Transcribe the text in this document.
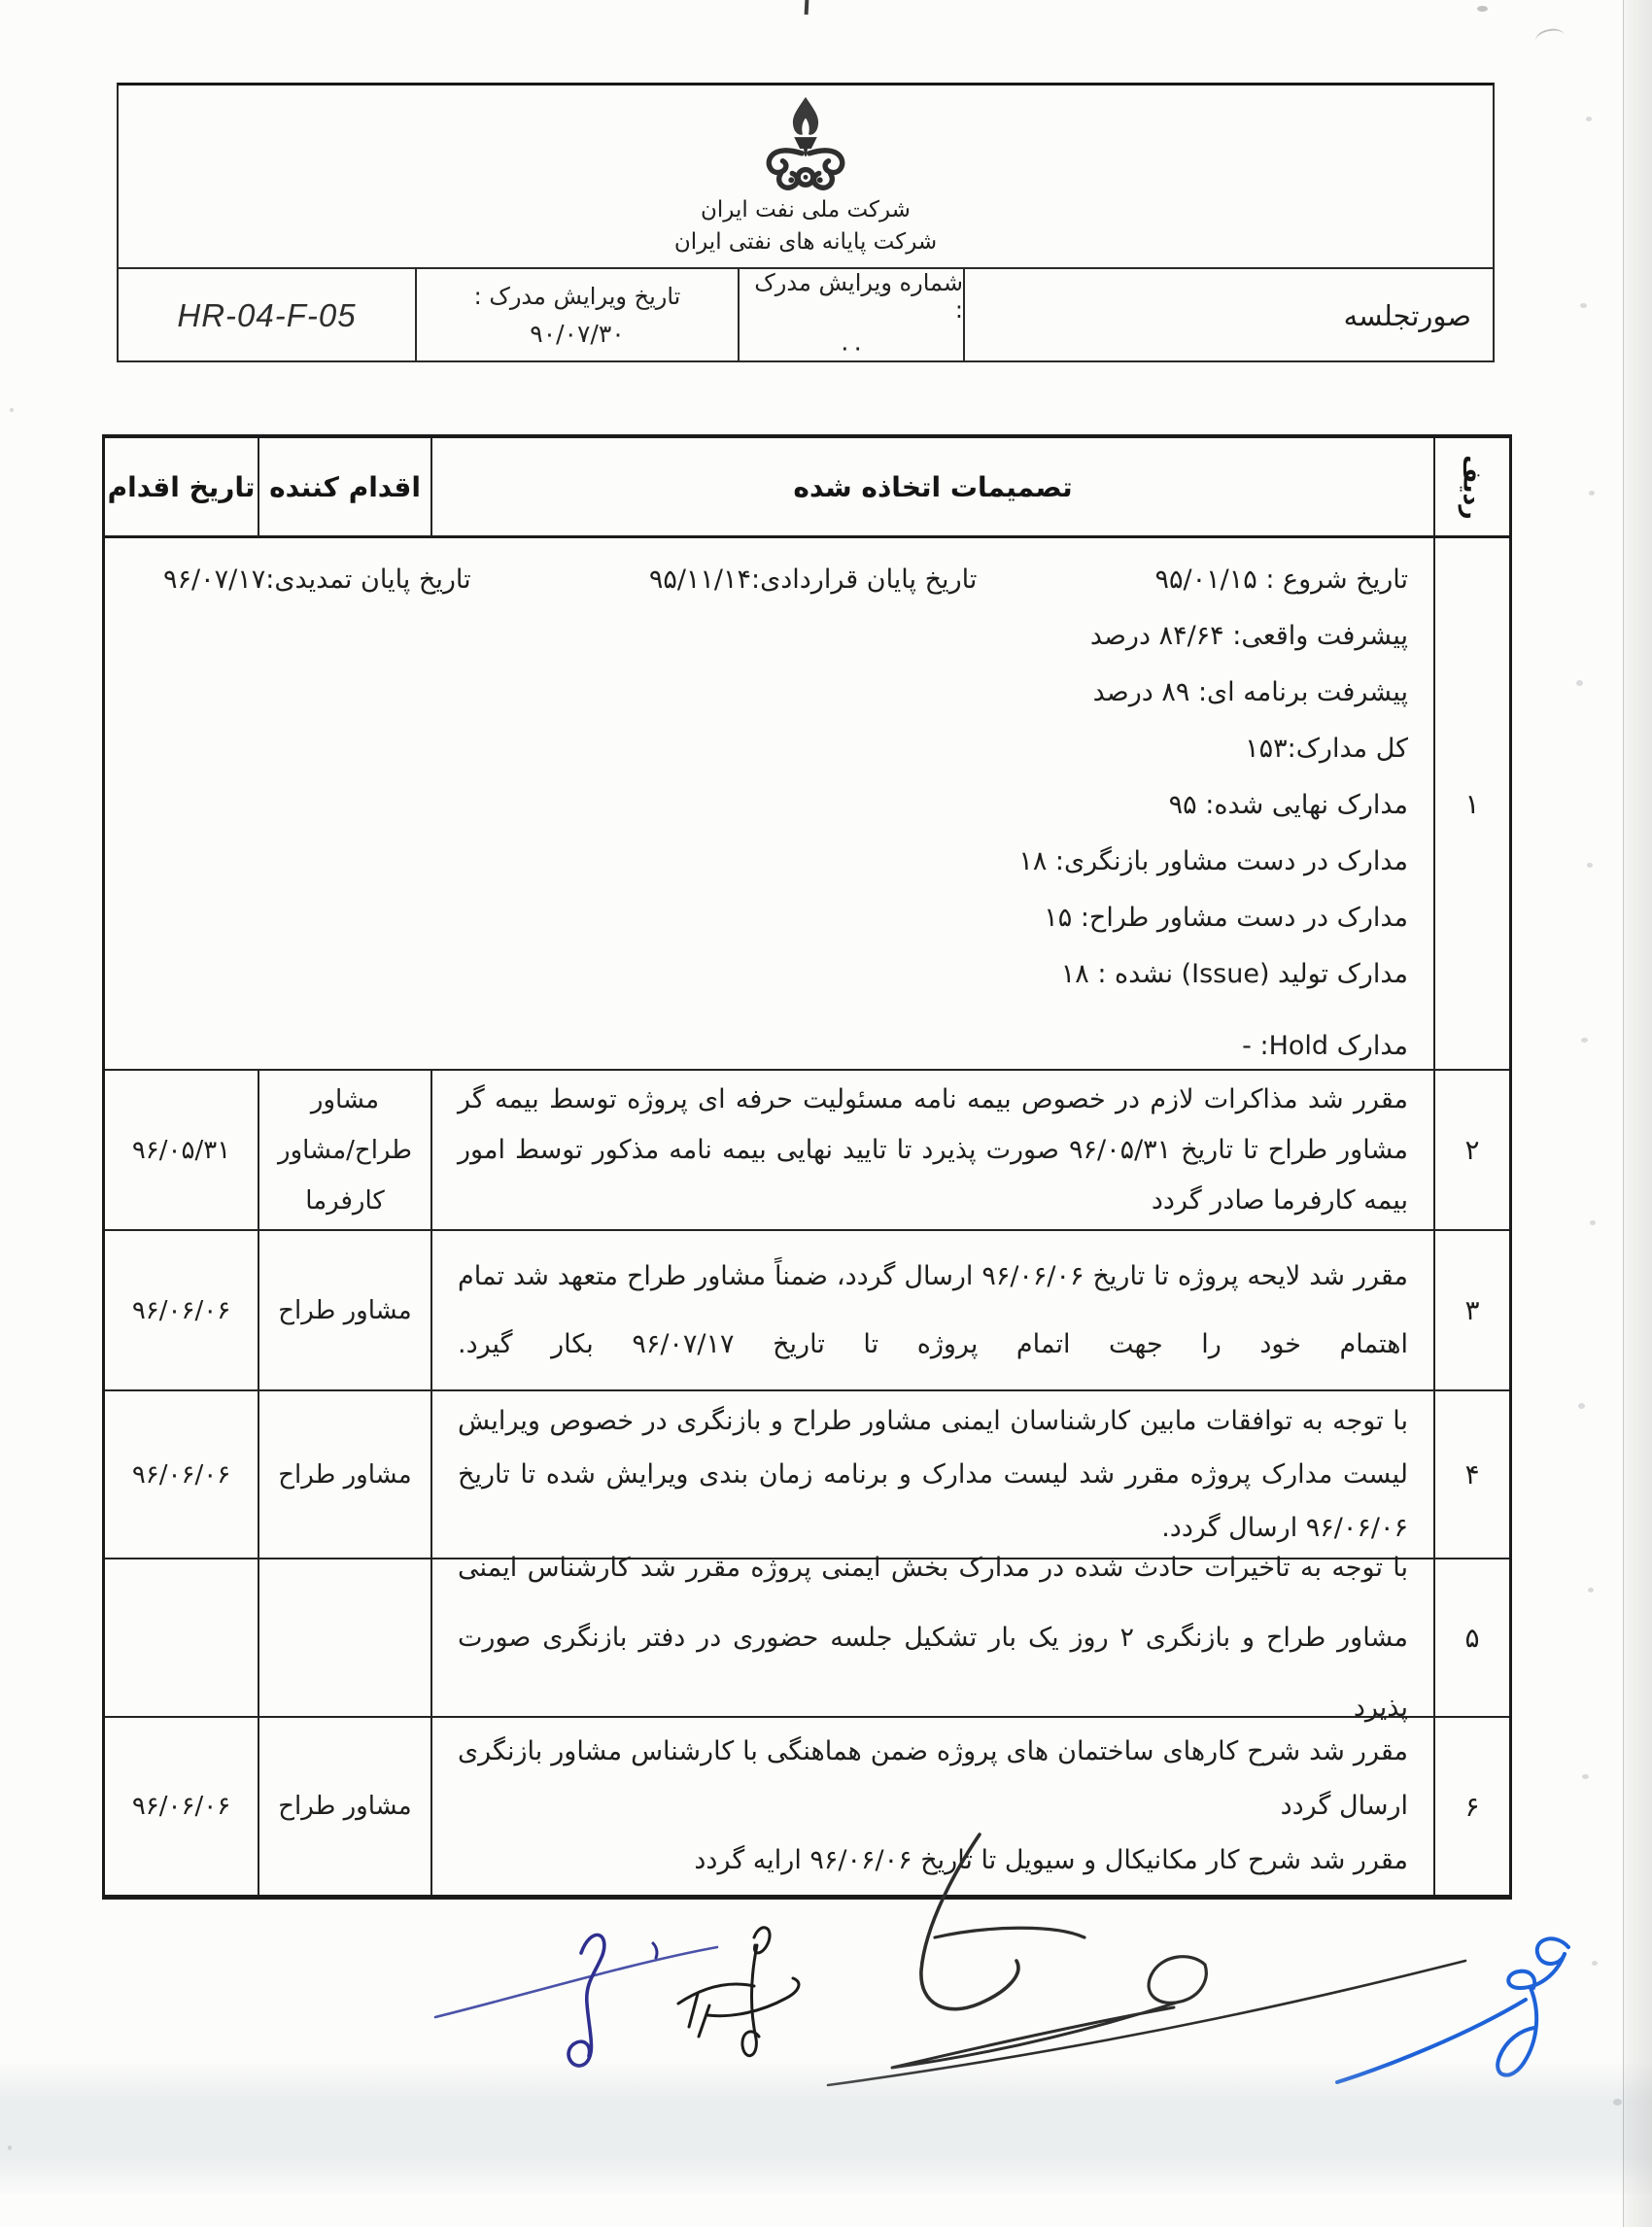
شرکت ملی نفت ایران
شرکت پایانه های نفتی ایران
HR-04-F-05
تاریخ ویرایش مدرک :
۹۰/۰۷/۳۰
شماره ویرایش مدرک :
۰۰
صورتجلسه
ردیف
تصمیمات اتخاذه شده
اقدام کننده
تاریخ اقدام
۱
تاریخ شروع : ۹۵/۰۱/۱۵
تاریخ پایان قراردادی:۹۵/۱۱/۱۴
تاریخ پایان تمدیدی:۹۶/۰۷/۱۷
پیشرفت واقعی: ۸۴/۶۴ درصد
پیشرفت برنامه ای: ۸۹ درصد
کل مدارک:۱۵۳
مدارک نهایی شده: ۹۵
مدارک در دست مشاور بازنگری: ۱۸
مدارک در دست مشاور طراح: ۱۵
مدارک تولید (Issue) نشده : ۱۸
مدارک Hold: -
۲
مقرر شد مذاکرات لازم در خصوص بیمه نامه مسئولیت حرفه ای پروژه توسط بیمه گر
مشاور طراح تا تاریخ ۹۶/۰۵/۳۱ صورت پذیرد تا تایید نهایی بیمه نامه مذکور توسط امور
بیمه کارفرما صادر گردد
مشاور
طراح/مشاور
کارفرما
۹۶/۰۵/۳۱
۳
مقرر شد لایحه پروژه تا تاریخ ۹۶/۰۶/۰۶ ارسال گردد، ضمناً مشاور طراح متعهد شد تمام
اهتمام خود را جهت اتمام پروژه تا تاریخ ۹۶/۰۷/۱۷ بکار گیرد.
مشاور طراح
۹۶/۰۶/۰۶
۴
با توجه به توافقات مابین کارشناسان ایمنی مشاور طراح و بازنگری در خصوص ویرایش
لیست مدارک پروژه مقرر شد لیست مدارک و برنامه زمان بندی ویرایش شده تا تاریخ
۹۶/۰۶/۰۶ ارسال گردد.
مشاور طراح
۹۶/۰۶/۰۶
۵
با توجه به تاخیرات حادث شده در مدارک بخش ایمنی پروژه مقرر شد کارشناس ایمنی
مشاور طراح و بازنگری ۲ روز یک بار تشکیل جلسه حضوری در دفتر بازنگری صورت پذیرد
۶
مقرر شد شرح کارهای ساختمان های پروژه ضمن هماهنگی با کارشناس مشاور بازنگری
ارسال گردد
مقرر شد شرح کار مکانیکال و سیویل تا تاریخ ۹۶/۰۶/۰۶ ارایه گردد
مشاور طراح
۹۶/۰۶/۰۶
